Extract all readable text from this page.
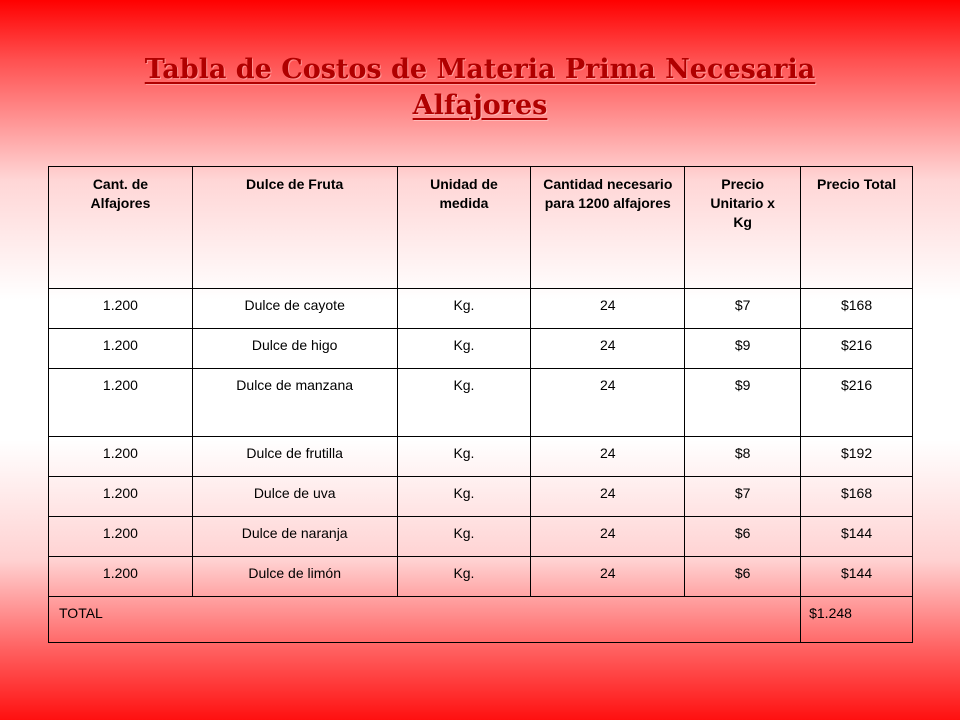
Tabla de Costos de Materia Prima Necesaria
Alfajores
Cant. de Alfajores	Dulce de Fruta	Unidad de medida	Cantidad necesario para 1200 alfajores	Precio Unitario x Kg	Precio Total
1.200	Dulce de cayote	Kg.	24	$7	$168
1.200	Dulce de higo	Kg.	24	$9	$216
1.200	Dulce de manzana	Kg.	24	$9	$216
1.200	Dulce de frutilla	Kg.	24	$8	$192
1.200	Dulce de uva	Kg.	24	$7	$168
1.200	Dulce de naranja	Kg.	24	$6	$144
1.200	Dulce de limón	Kg.	24	$6	$144
TOTAL					$1.248
